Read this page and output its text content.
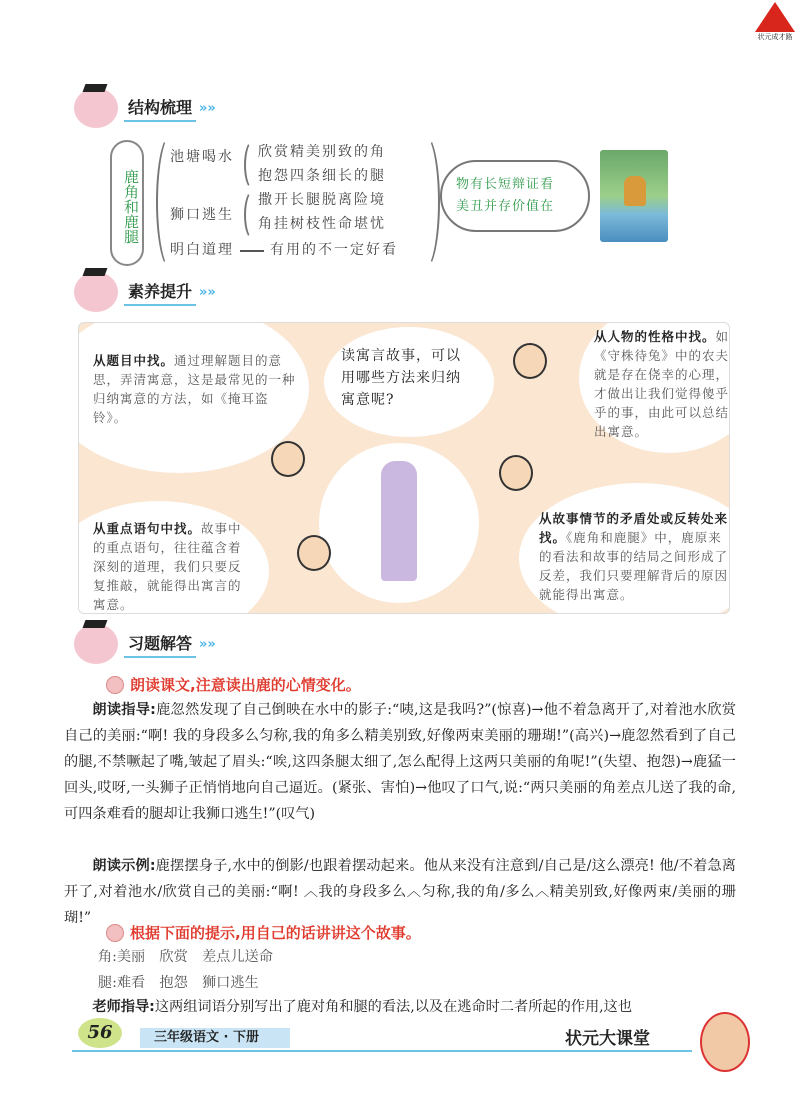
状元成才路
结构梳理 »»
鹿角和鹿腿
池塘喝水 欣赏精美别致的角
抱怨四条细长的腿
狮口逃生
撒开长腿脱离险境
角挂树枝性命堪忧
明白道理	有用的不一定好看
物有长短辩证看
美丑并存价值在
素养提升 »»
从题目中找。通过理解题目的意思，弄清寓意，这是最常见的一种归纳寓意的方法，如《掩耳盗铃》。
读寓言故事，可以用哪些方法来归纳寓意呢?
从人物的性格中找。如《守株待兔》中的农夫就是存在侥幸的心理，才做出让我们觉得傻乎乎的事，由此可以总结出寓意。
从重点语句中找。故事中的重点语句，往往蕴含着深刻的道理，我们只要反复推敲，就能得出寓言的寓意。
从故事情节的矛盾处或反转处来找。《鹿角和鹿腿》中，鹿原来的看法和故事的结局之间形成了反差，我们只要理解背后的原因就能得出寓意。
习题解答 »»
朗读课文,注意读出鹿的心情变化。
朗读指导:鹿忽然发现了自己倒映在水中的影子:“咦,这是我吗?”(惊喜)→他不着急离开了,对着池水欣赏自己的美丽:“啊! 我的身段多么匀称,我的角多么精美别致,好像两束美丽的珊瑚!”(高兴)→鹿忽然看到了自己的腿,不禁噘起了嘴,皱起了眉头:“唉,这四条腿太细了,怎么配得上这两只美丽的角呢!”(失望、抱怨)→鹿猛一回头,哎呀,一头狮子正悄悄地向自己逼近。(紧张、害怕)→他叹了口气,说:“两只美丽的角差点儿送了我的命,可四条难看的腿却让我狮口逃生!”(叹气)
朗读示例:鹿摆摆身子,水中的倒影/也跟着摆动起来。他从来没有注意到/自己是/这么漂亮! 他/不着急离开了,对着池水/欣赏自己的美丽:“啊! ︿我的身段多么︿匀称,我的角/多么︿精美别致,好像两束/美丽的珊瑚!”
根据下面的提示,用自己的话讲讲这个故事。
角:美丽　欣赏　差点儿送命
腿:难看　抱怨　狮口逃生
老师指导:这两组词语分别写出了鹿对角和腿的看法,以及在逃命时二者所起的作用,这也
56	三年级语文 · 下册	状元大课堂
